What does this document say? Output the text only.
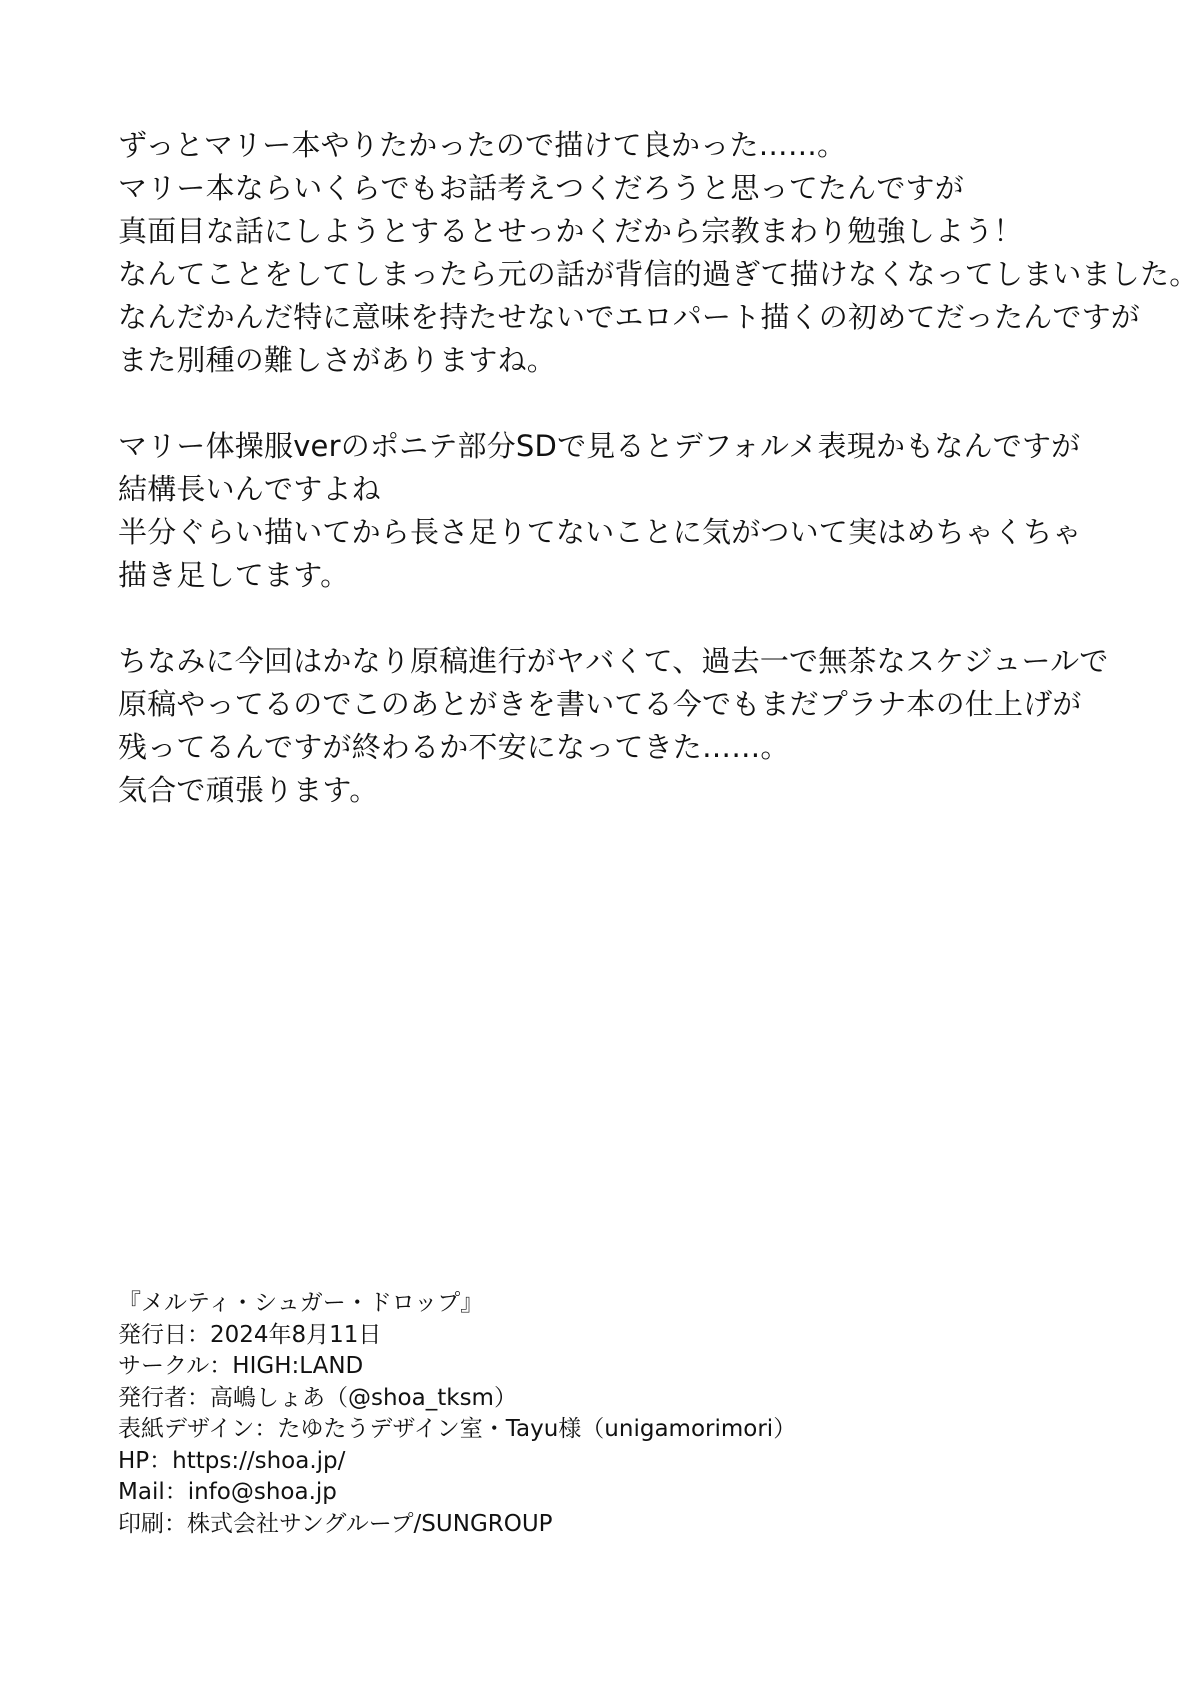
ずっとマリー本やりたかったので描けて良かった……。
マリー本ならいくらでもお話考えつくだろうと思ってたんですが
真面目な話にしようとするとせっかくだから宗教まわり勉強しよう！
なんてことをしてしまったら元の話が背信的過ぎて描けなくなってしまいました。
なんだかんだ特に意味を持たせないでエロパート描くの初めてだったんですが
また別種の難しさがありますね。
マリー体操服verのポニテ部分SDで見るとデフォルメ表現かもなんですが
結構長いんですよね
半分ぐらい描いてから長さ足りてないことに気がついて実はめちゃくちゃ
描き足してます。
ちなみに今回はかなり原稿進行がヤバくて、過去一で無茶なスケジュールで
原稿やってるのでこのあとがきを書いてる今でもまだプラナ本の仕上げが
残ってるんですが終わるか不安になってきた……。
気合で頑張ります。
『メルティ・シュガー・ドロップ』
発行日：2024年8月11日
サークル：HIGH:LAND
発行者：高嶋しょあ（@shoa_tksm）
表紙デザイン：たゆたうデザイン室・Tayu様（unigamorimori）
HP：https://shoa.jp/
Mail：info@shoa.jp
印刷：株式会社サングループ/SUNGROUP
